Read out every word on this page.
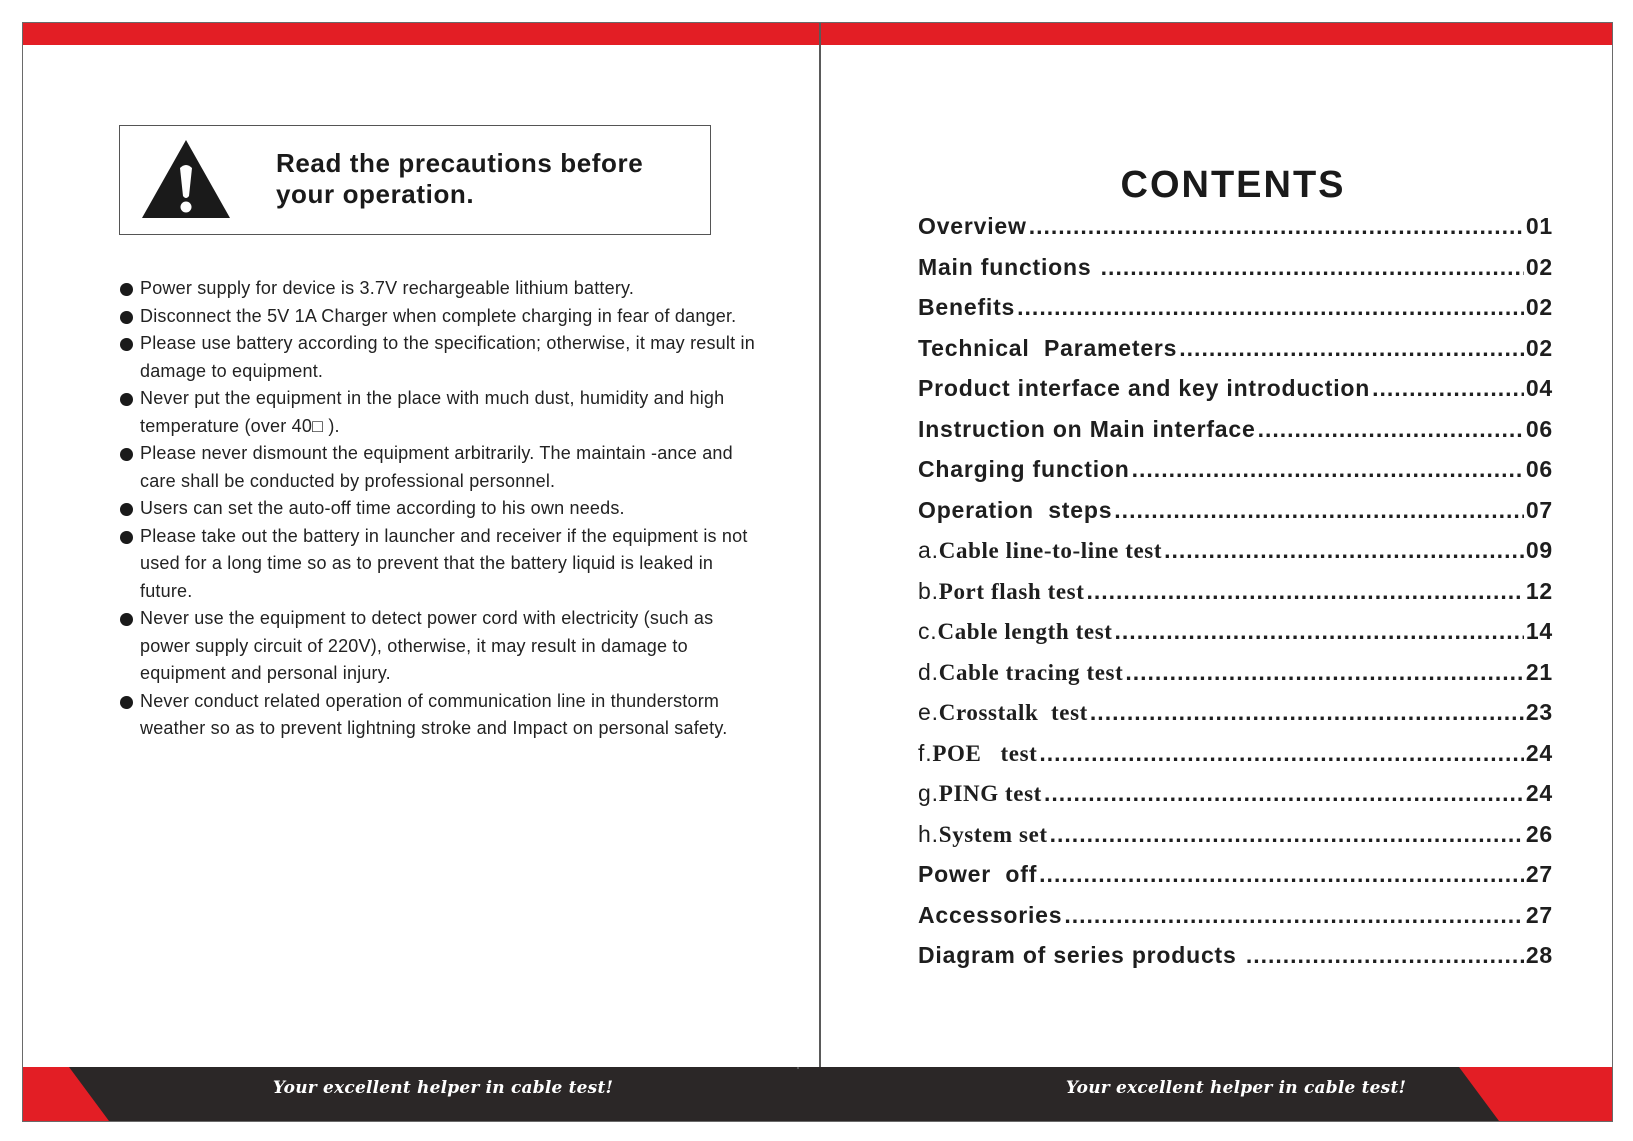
Read the precautions before
your operation.
Power supply for device is 3.7V rechargeable lithium battery.
Disconnect the 5V 1A Charger when complete charging in fear of danger.
Please use battery according to the specification; otherwise, it may result in damage to equipment.
Never put the equipment in the place with much dust, humidity and high temperature (over 40□ ).
Please never dismount the equipment arbitrarily. The maintain -ance and care shall be conducted by professional personnel.
Users can set the auto-off time according to his own needs.
Please take out the battery in launcher and receiver if the equipment is not used for a long time so as to prevent that the battery liquid is leaked in future.
Never use the equipment to detect power cord with electricity (such as power supply circuit of 220V), otherwise, it may result in damage to equipment and personal injury.
Never conduct related operation of communication line in thunderstorm weather so as to prevent lightning stroke and Impact on personal safety.
CONTENTS
Overview .....	01
Main functions .....	02
Benefits .....	02
Technical  Parameters .....	02
Product interface and key introduction .....	04
Instruction on Main interface .....	06
Charging function .....	06
Operation  steps .....	07
a.Cable line-to-line test .....	09
b.Port flash test .....	12
c.Cable length test .....	14
d.Cable tracing test .....	21
e.Crosstalk  test .....	23
f.POE   test .....	24
g.PING test .....	24
h.System set .....	26
Power  off .....	27
Accessories .....	27
Diagram of series products .....	28
Your excellent helper in cable test!	Your excellent helper in cable test!
